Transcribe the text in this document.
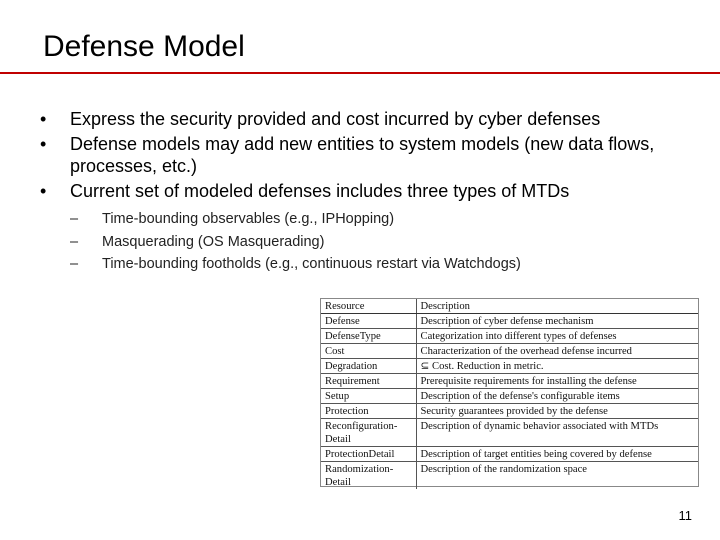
Defense Model
• Express the security provided and cost incurred by cyber defenses
• Defense models may add new entities to system models (new data flows, processes, etc.)
• Current set of modeled defenses includes three types of MTDs
– Time-bounding observables (e.g., IPHopping)
– Masquerading (OS Masquerading)
– Time-bounding footholds (e.g., continuous restart via Watchdogs)
Resource	Description
Defense	Description of cyber defense mechanism
DefenseType	Categorization into different types of defenses
Cost	Characterization of the overhead defense incurred
Degradation	⊆ Cost. Reduction in metric.
Requirement	Prerequisite requirements for installing the defense
Setup	Description of the defense's configurable items
Protection	Security guarantees provided by the defense
Reconfiguration-Detail	Description of dynamic behavior associated with MTDs
ProtectionDetail	Description of target entities being covered by defense
Randomization-Detail	Description of the randomization space
11
